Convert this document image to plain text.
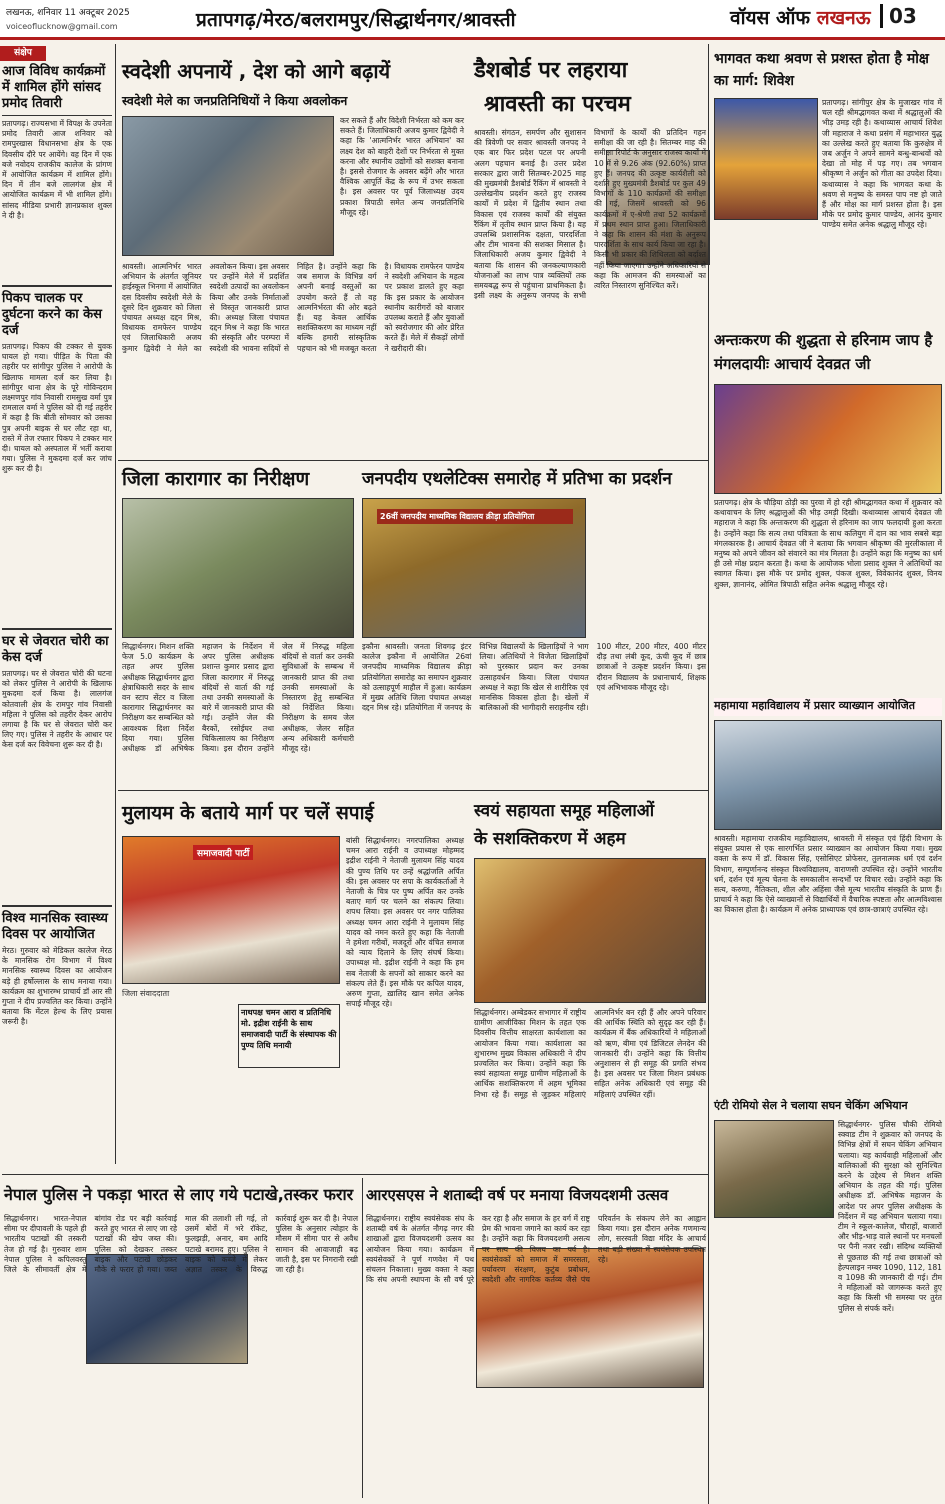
लखनऊ, शनिवार 11 अक्टूबर 2025
voiceoflucknow@gmail.com	प्रतापगढ़/मेरठ/बलरामपुर/सिद्धार्थनगर/श्रावस्ती	वॉयस ऑफ लखनऊ 03
संक्षेप
आज विविध कार्यक्रमों में शामिल होंगे सांसद प्रमोद तिवारी
प्रतापगढ़। राज्यसभा में विपक्ष के उपनेता प्रमोद तिवारी आज शनिवार को रामपुरखास विधानसभा क्षेत्र के एक दिवसीय दौरे पर आयेंगे। वह दिन में एक बजे नवोदय राजकीय कालेज के प्रांगण में आयोजित कार्यक्रम में शामिल होंगे। दिन में तीन बजे लालगंज क्षेत्र में आयोजित कार्यक्रम में भी शामिल होंगे। सांसद मीडिया प्रभारी ज्ञानप्रकाश शुक्ल ने दी है।
पिकप चालक पर दुर्घटना करने का केस दर्ज
प्रतापगढ़। पिकप की टक्कर से युवक घायल हो गया। पीड़ित के पिता की तहरीर पर सांगीपुर पुलिस ने आरोपी के खिलाफ मामला दर्ज कर लिया है। सांगीपुर थाना क्षेत्र के पूरे गोविन्दराम लक्ष्मणपुर गांव निवासी रामसुख वर्मा पुत्र रामलाल वर्मा ने पुलिस को दी गई तहरीर में कहा है कि बीती सोमवार को उसका पुत्र अपनी बाइक से घर लौट रहा था, रास्ते में तेज रफ्तार पिकप ने टक्कर मार दी। घायल को अस्पताल में भर्ती कराया गया। पुलिस ने मुकदमा दर्ज कर जांच शुरू कर दी है।
घर से जेवरात चोरी का केस दर्ज
प्रतापगढ़। घर से जेवरात चोरी की घटना को लेकर पुलिस ने आरोपी के खिलाफ मुकदमा दर्ज किया है। लालगंज कोतवाली क्षेत्र के रामपुर गांव निवासी महिला ने पुलिस को तहरीर देकर आरोप लगाया है कि घर से जेवरात चोरी कर लिए गए। पुलिस ने तहरीर के आधार पर केस दर्ज कर विवेचना शुरू कर दी है।
विश्व मानसिक स्वास्थ्य दिवस पर आयोजित
मेरठ। गुरुवार को मेडिकल कालेज मेरठ के मानसिक रोग विभाग में विश्व मानसिक स्वास्थ्य दिवस का आयोजन बड़े ही हर्षोल्लास के साथ मनाया गया। कार्यक्रम का शुभारम्भ प्राचार्य डॉ आर सी गुप्ता ने दीप प्रज्वलित कर किया। उन्होंने बताया कि मेंटल हेल्थ के लिए प्रयास जरूरी है।
स्वदेशी अपनायें , देश को आगे बढ़ायें
स्वदेशी मेले का जनप्रतिनिधियों ने किया अवलोकन
कर सकते हैं और विदेशी निर्भरता को कम कर सकते हैं। जिलाधिकारी अजय कुमार द्विवेदी ने कहा कि 'आत्मनिर्भर भारत अभियान' का लक्ष्य देश को बाहरी देशों पर निर्भरता से मुक्त करना और स्थानीय उद्योगों को सशक्त बनाना है। इससे रोजगार के अवसर बढ़ेंगे और भारत वैश्विक आपूर्ति केंद्र के रूप में उभर सकता है। इस अवसर पर पूर्व जिलाध्यक्ष उदय प्रकाश त्रिपाठी समेत अन्य जनप्रतिनिधि मौजूद रहे।
श्रावस्ती। आत्मनिर्भर भारत अभियान के अंतर्गत जूनियर हाईस्कूल भिनगा में आयोजित दस दिवसीय स्वदेशी मेले के दूसरे दिन शुक्रवार को जिला पंचायत अध्यक्ष दद्दन मिश्र, विधायक रामफेरन पाण्डेय एवं जिलाधिकारी अजय कुमार द्विवेदी ने मेले का अवलोकन किया। इस अवसर पर उन्होंने मेले में प्रदर्शित स्वदेशी उत्पादों का अवलोकन किया और उनके निर्माताओं से विस्तृत जानकारी प्राप्त की। अध्यक्ष जिला पंचायत दद्दन मिश्र ने कहा कि भारत की संस्कृति और परम्परा में स्वदेशी की भावना सदियों से निहित है। उन्होंने कहा कि जब समाज के विभिन्न वर्ग अपनी बनाई वस्तुओं का उपयोग करते हैं तो वह आत्मनिर्भरता की ओर बढ़ते हैं। यह केवल आर्थिक सशक्तिकरण का माध्यम नहीं बल्कि हमारी सांस्कृतिक पहचान को भी मजबूत करता है। विधायक रामफेरन पाण्डेय ने स्वदेशी अभियान के महत्व पर प्रकाश डालते हुए कहा कि इस प्रकार के आयोजन स्थानीय कारीगरों को बाजार उपलब्ध कराते हैं और युवाओं को स्वरोजगार की ओर प्रेरित करते हैं। मेले में सैकड़ों लोगों ने खरीदारी की।
डैशबोर्ड पर लहराया
श्रावस्ती का परचम
श्रावस्ती। संगठन, समर्पण और सुशासन की त्रिवेणी पर सवार श्रावस्ती जनपद ने एक बार फिर प्रदेश पटल पर अपनी अलग पहचान बनाई है। उत्तर प्रदेश सरकार द्वारा जारी सितम्बर-2025 माह की मुख्यमंत्री डैशबोर्ड रैंकिंग में श्रावस्ती ने उल्लेखनीय प्रदर्शन करते हुए राजस्व कार्यों में प्रदेश में द्वितीय स्थान तथा विकास एवं राजस्व कार्यों की संयुक्त रैंकिंग में तृतीय स्थान प्राप्त किया है। यह उपलब्धि प्रशासनिक दक्षता, पारदर्शिता और टीम भावना की सशक्त मिसाल है। जिलाधिकारी अजय कुमार द्विवेदी ने बताया कि शासन की जनकल्याणकारी योजनाओं का लाभ पात्र व्यक्तियों तक समयबद्ध रूप से पहुंचाना प्राथमिकता है। इसी लक्ष्य के अनुरूप जनपद के सभी विभागों के कार्यों की प्रतिदिन गहन समीक्षा की जा रही है। सितम्बर माह की समीक्षा रिपोर्ट के अनुसार राजस्व कार्यों में 10 में से 9.26 अंक (92.60%) प्राप्त हुए हैं। जनपद की उत्कृष्ट कार्यशैली को दर्शाते हुए मुख्यमंत्री डैशबोर्ड पर कुल 49 विभागों के 110 कार्यक्रमों की समीक्षा की गई, जिसमें श्रावस्ती को 96 कार्यक्रमों में ए-श्रेणी तथा 52 कार्यक्रमों में प्रथम स्थान प्राप्त हुआ। जिलाधिकारी ने कहा कि शासन की मंशा के अनुरूप पारदर्शिता के साथ कार्य किया जा रहा है। किसी भी प्रकार की शिथिलता को बर्दाश्त नहीं किया जाएगा। उन्होंने अधिकारियों से कहा कि आमजन की समस्याओं का त्वरित निस्तारण सुनिश्चित करें।
भागवत कथा श्रवण से प्रशस्त होता है मोक्ष का मार्ग: शिवेश
प्रतापगढ़। सांगीपुर क्षेत्र के मुजाखर गांव में चल रही श्रीमद्भागवत कथा में श्रद्धालुओं की भीड़ उमड़ रही है। कथाव्यास आचार्य शिवेश जी महाराज ने कथा प्रसंग में महाभारत युद्ध का उल्लेख करते हुए बताया कि कुरुक्षेत्र में जब अर्जुन ने अपने सामने बन्धु-बान्धवों को देखा तो मोह में पड़ गए। तब भगवान श्रीकृष्ण ने अर्जुन को गीता का उपदेश दिया। कथाव्यास ने कहा कि भागवत कथा के श्रवण से मनुष्य के समस्त पाप नष्ट हो जाते हैं और मोक्ष का मार्ग प्रशस्त होता है। इस मौके पर प्रमोद कुमार पाण्डेय, आनंद कुमार पाण्डेय समेत अनेक श्रद्धालु मौजूद रहे।
अन्तःकरण की शुद्धता से हरिनाम जाप है मंगलदायीः आचार्य देवव्रत जी
प्रतापगढ़। क्षेत्र के चौड़िया ठोड़ी का पुरवा में हो रही श्रीमद्भागवत कथा में शुक्रवार को कथावाचन के लिए श्रद्धालुओं की भीड़ उमड़ी दिखी। कथाव्यास आचार्य देवव्रत जी महाराज ने कहा कि अन्तःकरण की शुद्धता से हरिनाम का जाप फलदायी हुआ करता है। उन्होंने कहा कि सत्य तथा पवित्रता के साथ कलियुग में दान का भाव सबसे बड़ा मंगलकारक है। आचार्य देवव्रत जी ने बताया कि भगवान श्रीकृष्ण की मुरलीकाला में मनुष्य को अपने जीवन को संवारने का मंत्र मिलता है। उन्होंने कहा कि मनुष्य का धर्म ही उसे मोक्ष प्रदान करता है। कथा के आयोजक भोला प्रसाद शुक्ल ने अतिथियों का स्वागत किया। इस मौके पर प्रमोद शुक्ल, पंकज शुक्ल, विवेकानंद शुक्ल, विनय शुक्ल, ज्ञानानंद, ओमित त्रिपाठी सहित अनेक श्रद्धालु मौजूद रहे।
जिला कारागार का निरीक्षण
सिद्धार्थनगर। मिशन शक्ति फेज 5.0 कार्यक्रम के तहत अपर पुलिस अधीक्षक सिद्धार्थनगर द्वारा क्षेत्राधिकारी सदर के साथ वन स्टाप सेंटर व जिला कारागार सिद्धार्थनगर का निरीक्षण कर सम्बन्धित को आवश्यक दिशा निर्देश दिया गया। पुलिस अधीक्षक डॉ अभिषेक महाजन के निर्देशन में अपर पुलिस अधीक्षक प्रशान्त कुमार प्रसाद द्वारा जिला कारागार में निरुद्ध बंदियों से वार्ता की गई तथा उनकी समस्याओं के बारे में जानकारी प्राप्त की गई। उन्होंने जेल की बैरकों, रसोईघर तथा चिकित्सालय का निरीक्षण किया। इस दौरान उन्होंने जेल में निरुद्ध महिला बंदियों से वार्ता कर उनकी सुविधाओं के सम्बन्ध में जानकारी प्राप्त की तथा उनकी समस्याओं के निस्तारण हेतु सम्बन्धित को निर्देशित किया। निरीक्षण के समय जेल अधीक्षक, जेलर सहित अन्य अधिकारी कर्मचारी मौजूद रहे।
जनपदीय एथलेटिक्स समारोह में प्रतिभा का प्रदर्शन
26वीं जनपदीय माध्यमिक विद्यालय क्रीड़ा प्रतियोगिता
इकौना श्रावस्ती। जनता शिवगढ़ इंटर कालेज इकौना में आयोजित 26वां जनपदीय माध्यमिक विद्यालय क्रीड़ा प्रतियोगिता समारोह का समापन शुक्रवार को उत्साहपूर्ण माहौल में हुआ। कार्यक्रम में मुख्य अतिथि जिला पंचायत अध्यक्ष दद्दन मिश्र रहे। प्रतियोगिता में जनपद के विभिन्न विद्यालयों के खिलाड़ियों ने भाग लिया। अतिथियों ने विजेता खिलाड़ियों को पुरस्कार प्रदान कर उनका उत्साहवर्धन किया। जिला पंचायत अध्यक्ष ने कहा कि खेल से शारीरिक एवं मानसिक विकास होता है। खेलों में बालिकाओं की भागीदारी सराहनीय रही। 100 मीटर, 200 मीटर, 400 मीटर दौड़ तथा लंबी कूद, ऊंची कूद में छात्र छात्राओं ने उत्कृष्ट प्रदर्शन किया। इस दौरान विद्यालय के प्रधानाचार्य, शिक्षक एवं अभिभावक मौजूद रहे।
महामाया महाविद्यालय में प्रसार व्याख्यान आयोजित
श्रावस्ती। महामाया राजकीय महाविद्यालय, श्रावस्ती में संस्कृत एवं हिंदी विभाग के संयुक्त प्रयास से एक सारगर्भित प्रसार व्याख्यान का आयोजन किया गया। मुख्य वक्ता के रूप में डॉ. विकास सिंह, एसोसिएट प्रोफेसर, तुलनात्मक धर्म एवं दर्शन विभाग, सम्पूर्णानन्द संस्कृत विश्वविद्यालय, वाराणसी उपस्थित रहे। उन्होंने भारतीय धर्म, दर्शन एवं मूल्य चेतना के समकालीन सन्दर्भों पर विचार रखे। उन्होंने कहा कि सत्य, करुणा, नैतिकता, शील और अहिंसा जैसे मूल्य भारतीय संस्कृति के प्राण हैं। प्राचार्य ने कहा कि ऐसे व्याख्यानों से विद्यार्थियों में वैचारिक स्पष्टता और आत्मविश्वास का विकास होता है। कार्यक्रम में अनेक प्राध्यापक एवं छात्र-छात्राएं उपस्थित रहे।
मुलायम के बताये मार्ग पर चलें सपाई
समाजवादी पार्टी
जिला संवाददाता
नाथपक्ष चमन आरा व प्रतिनिधि मो. इद्रीश राईनी के साथ समाजवादी पार्टी के संस्थापक की पुण्य तिथि मनायी
बांसी सिद्धार्थनगर। नगरपालिका अध्यक्ष चमन आरा राईनी व उपाध्यक्ष मोहम्मद इद्रीश राईनी ने नेताजी मुलायम सिंह यादव की पुण्य तिथि पर उन्हें श्रद्धांजलि अर्पित की। इस अवसर पर सपा के कार्यकर्ताओं ने नेताजी के चित्र पर पुष्प अर्पित कर उनके बताए मार्ग पर चलने का संकल्प लिया। शपथ लिया। इस अवसर पर नगर पालिका अध्यक्ष चमन आरा राईनी ने मुलायम सिंह यादव को नमन करते हुए कहा कि नेताजी ने हमेशा गरीबों, मजदूरों और वंचित समाज को न्याय दिलाने के लिए संघर्ष किया। उपाध्यक्ष मो. इद्रीश राईनी ने कहा कि हम सब नेताजी के सपनों को साकार करने का संकल्प लेते हैं। इस मौके पर कपिल यादव, अरुण गुप्ता, ख़ालिद खान समेत अनेक सपाई मौजूद रहे।
स्वयं सहायता समूह महिलाओं
के सशक्तिकरण में अहम
सिद्धार्थनगर। अम्बेडकर सभागार में राष्ट्रीय ग्रामीण आजीविका मिशन के तहत एक दिवसीय वित्तीय साक्षरता कार्यशाला का आयोजन किया गया। कार्यशाला का शुभारम्भ मुख्य विकास अधिकारी ने दीप प्रज्वलित कर किया। उन्होंने कहा कि स्वयं सहायता समूह ग्रामीण महिलाओं के आर्थिक सशक्तिकरण में अहम भूमिका निभा रहे हैं। समूह से जुड़कर महिलाएं आत्मनिर्भर बन रही हैं और अपने परिवार की आर्थिक स्थिति को सुदृढ़ कर रही हैं। कार्यक्रम में बैंक अधिकारियों ने महिलाओं को ऋण, बीमा एवं डिजिटल लेनदेन की जानकारी दी। उन्होंने कहा कि वित्तीय अनुशासन से ही समूह की प्रगति संभव है। इस अवसर पर जिला मिशन प्रबंधक सहित अनेक अधिकारी एवं समूह की महिलाएं उपस्थित रहीं।
एंटी रोमियो सेल ने चलाया सघन चेकिंग अभियान
सिद्धार्थनगर- पुलिस चौकी रोमियो स्क्वाड टीम ने शुक्रवार को जनपद के विभिन्न क्षेत्रों में सघन चेकिंग अभियान चलाया। यह कार्यवाही महिलाओं और बालिकाओं की सुरक्षा को सुनिश्चित करने के उद्देश्य से मिशन शक्ति अभियान के तहत की गई। पुलिस अधीक्षक डॉ. अभिषेक महाजन के आदेश पर अपर पुलिस अधीक्षक के निर्देशन में यह अभियान चलाया गया। टीम ने स्कूल-कालेज, चौराहों, बाजारों और भीड़-भाड़ वाले स्थानों पर मनचलों पर पैनी नजर रखी। संदिग्ध व्यक्तियों से पूछताछ की गई तथा छात्राओं को हेल्पलाइन नम्बर 1090, 112, 181 व 1098 की जानकारी दी गई। टीम ने महिलाओं को जागरूक करते हुए कहा कि किसी भी समस्या पर तुरंत पुलिस से संपर्क करें।
नेपाल पुलिस ने पकड़ा भारत से लाए गये पटाखे,तस्कर फरार
सिद्धार्थनगर। भारत-नेपाल सीमा पर दीपावली के पहले ही भारतीय पटाखों की तस्करी तेज हो गई है। गुरुवार शाम नेपाल पुलिस ने कपिलवस्तु जिले के सीमावर्ती क्षेत्र में बांगांव रोड पर बड़ी कार्रवाई करते हुए भारत से लाए जा रहे पटाखों की खेप जब्त की। पुलिस को देखकर तस्कर बाइक और पटाखे छोड़कर मौके से फरार हो गया। जब्त माल की तलाशी ली गई, तो उसमें बोरों में भरे रॉकेट, फुलझड़ी, अनार, बम आदि पटाखे बरामद हुए। पुलिस ने बाइक को कब्जे में लेकर अज्ञात तस्कर के विरुद्ध कार्रवाई शुरू कर दी है। नेपाल पुलिस के अनुसार त्योहार के मौसम में सीमा पार से अवैध सामान की आवाजाही बढ़ जाती है, इस पर निगरानी रखी जा रही है।
आरएसएस ने शताब्दी वर्ष पर मनाया विजयदशमी उत्सव
सिद्धार्थनगर। राष्ट्रीय स्वयंसेवक संघ के शताब्दी वर्ष के अंतर्गत नौगढ़ नगर की शाखाओं द्वारा विजयदशमी उत्सव का आयोजन किया गया। कार्यक्रम में स्वयंसेवकों ने पूर्ण गणवेश में पथ संचलन निकाला। मुख्य वक्ता ने कहा कि संघ अपनी स्थापना के सौ वर्ष पूरे कर रहा है और समाज के हर वर्ग में राष्ट्र प्रेम की भावना जगाने का कार्य कर रहा है। उन्होंने कहा कि विजयदशमी असत्य पर सत्य की विजय का पर्व है। स्वयंसेवकों को समाज में समरसता, पर्यावरण संरक्षण, कुटुंब प्रबोधन, स्वदेशी और नागरिक कर्तव्य जैसे पंच परिवर्तन के संकल्प लेने का आह्वान किया गया। इस दौरान अनेक गणमान्य लोग, सरस्वती विद्या मंदिर के आचार्य तथा बड़ी संख्या में स्वयंसेवक उपस्थित रहे।
